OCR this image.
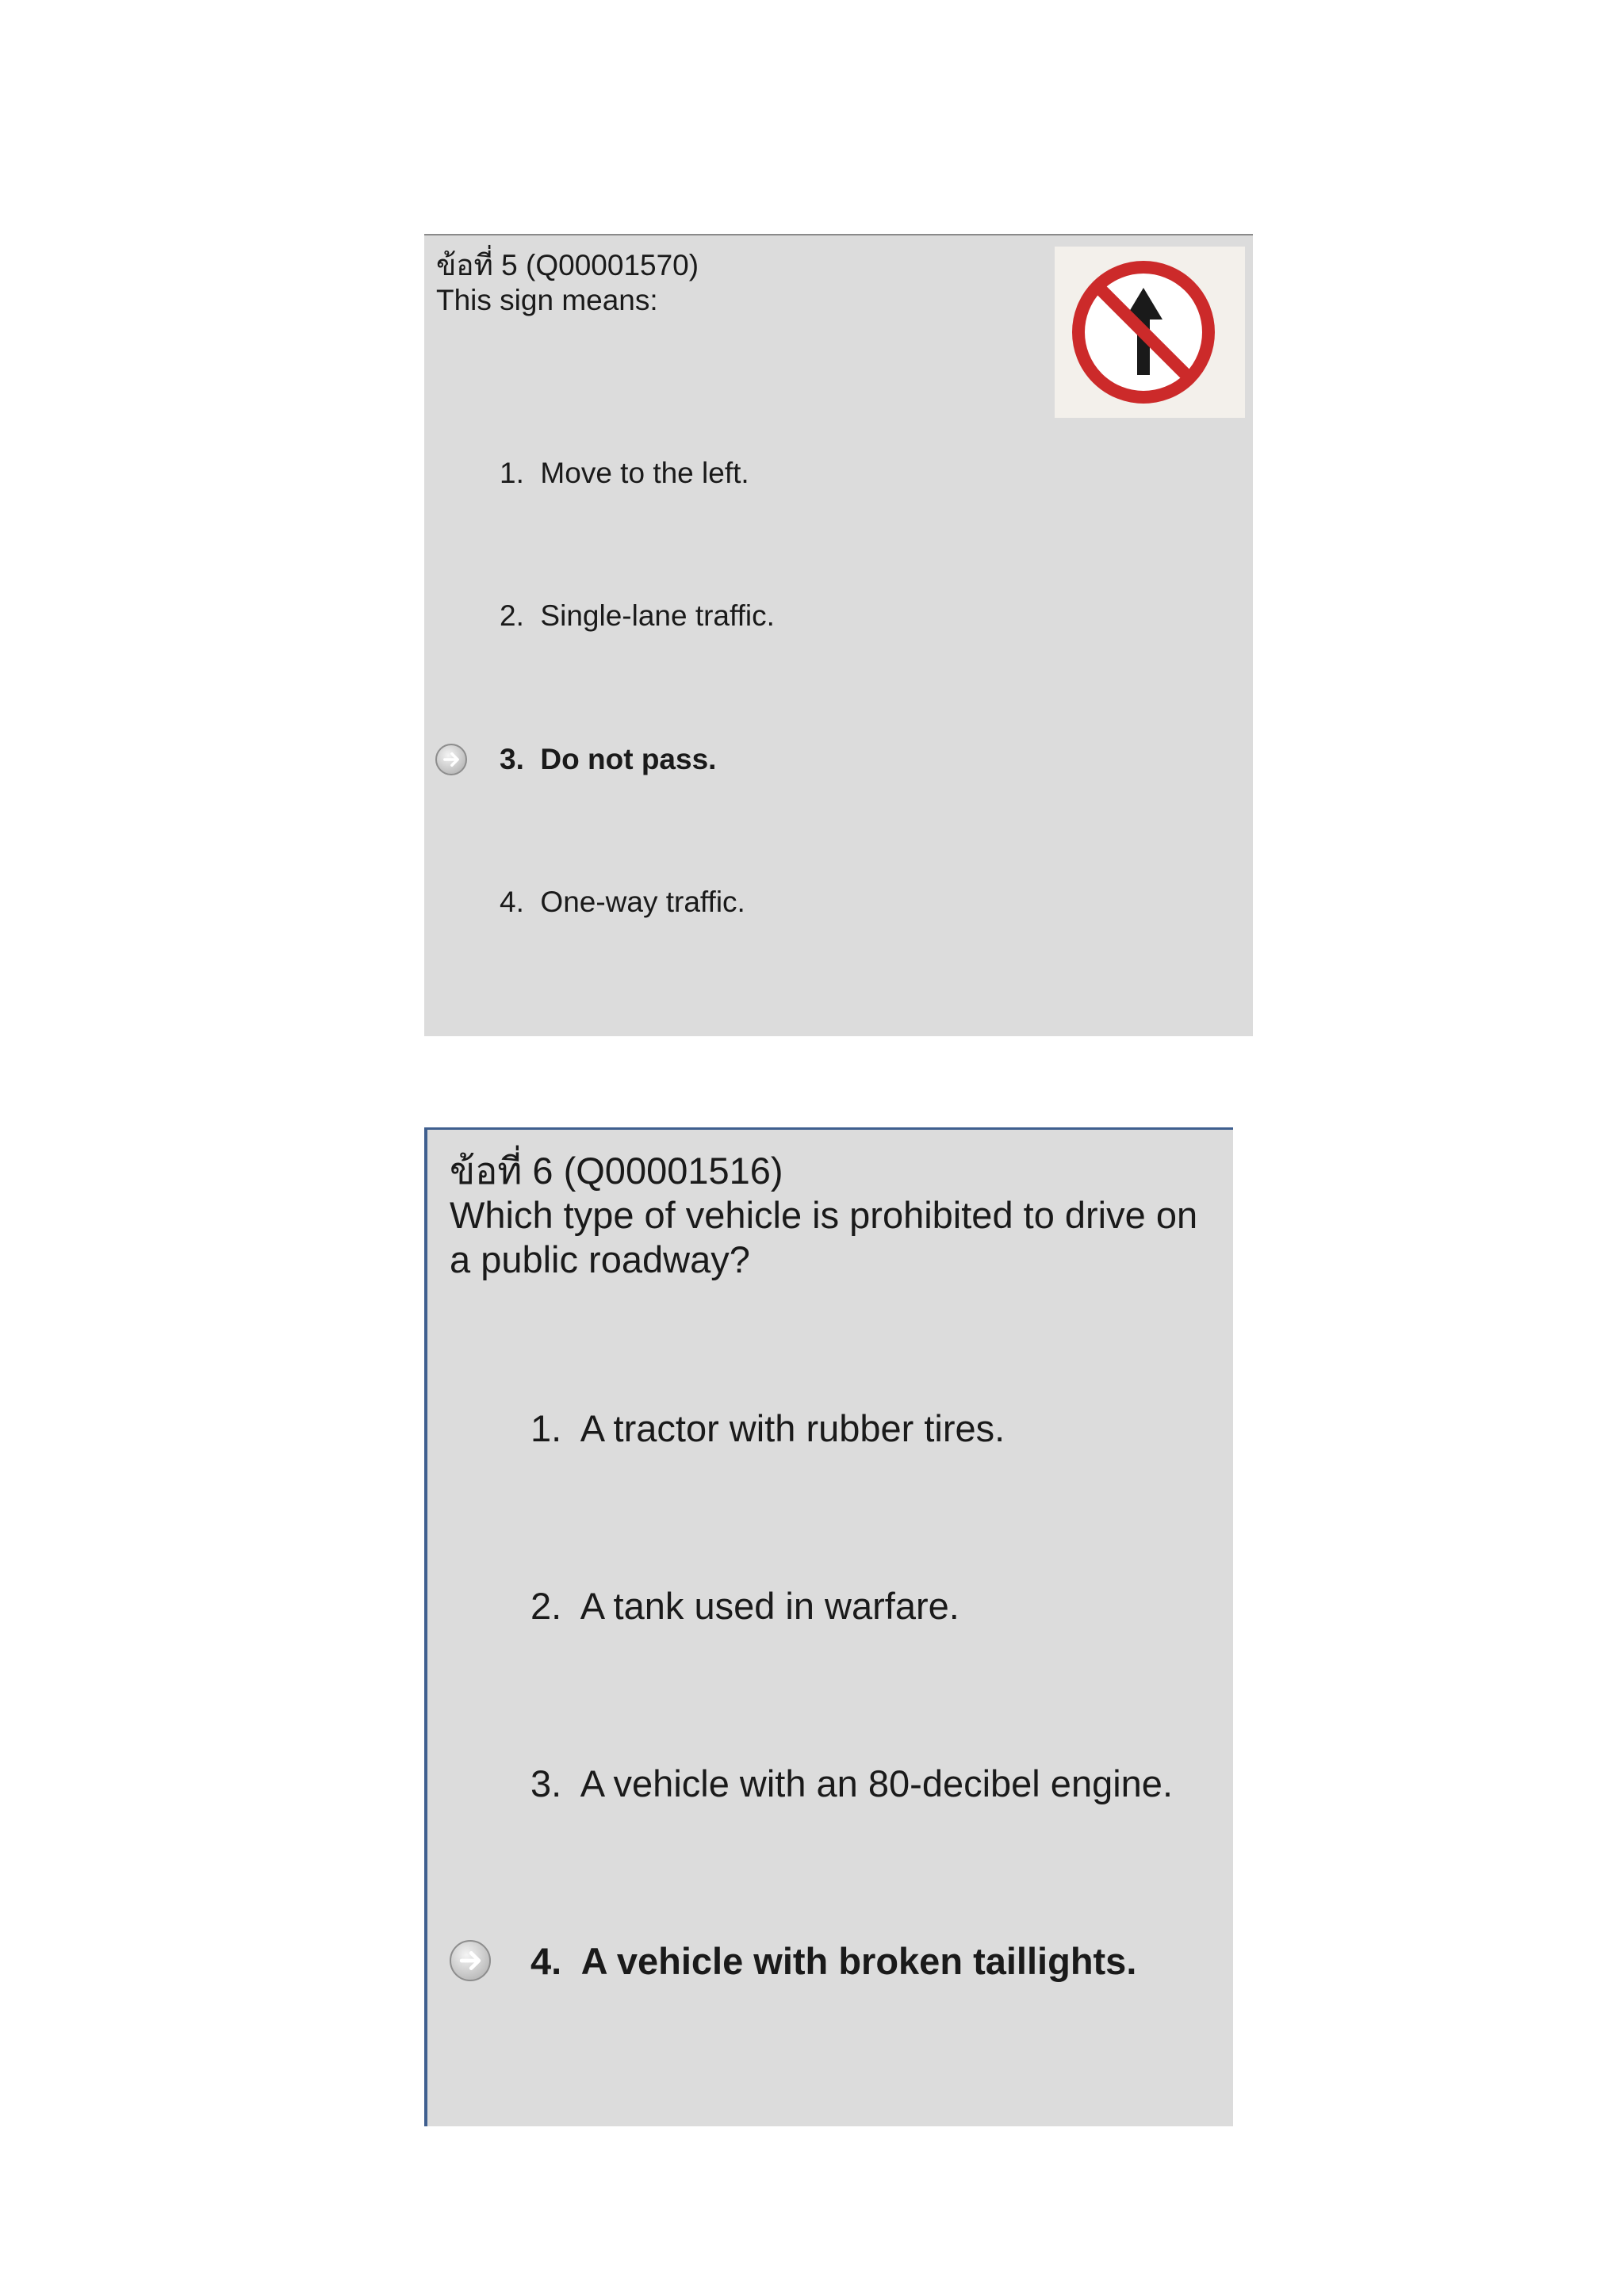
ข้อที่ 5 (Q00001570)
This sign means:
1.  Move to the left.
2.  Single-lane traffic.
3.  Do not pass.
4.  One-way traffic.
ข้อที่ 6 (Q00001516)
Which type of vehicle is prohibited to drive on a public roadway?
1.  A tractor with rubber tires.
2.  A tank used in warfare.
3.  A vehicle with an 80-decibel engine.
4.  A vehicle with broken taillights.
